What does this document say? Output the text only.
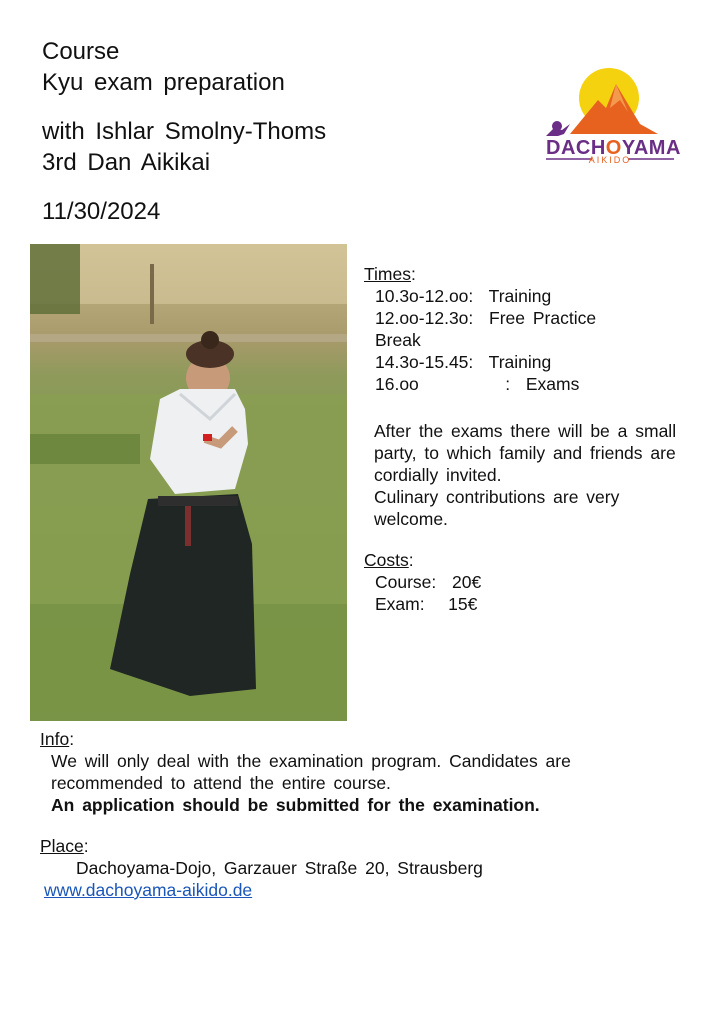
Course
Kyu exam preparation
with Ishlar Smolny-Thoms
3rd Dan Aikikai
11/30/2024
DACHOYAMA
AIKIDO
Times:
10.3o-12.oo:  Training
12.oo-12.3o:  Free Practice
Break
14.3o-15.45:  Training
16.oo           :  Exams
After the exams there will be a small
party, to which family and friends are
cordially invited.
Culinary contributions are very
welcome.
Costs:
Course:  20€
Exam:   15€
Info:
We will only deal with the examination program. Candidates are
recommended to attend the entire course.
An application should be submitted for the examination.
Place:
Dachoyama-Dojo, Garzauer Straße 20, Strausberg
www.dachoyama-aikido.de
